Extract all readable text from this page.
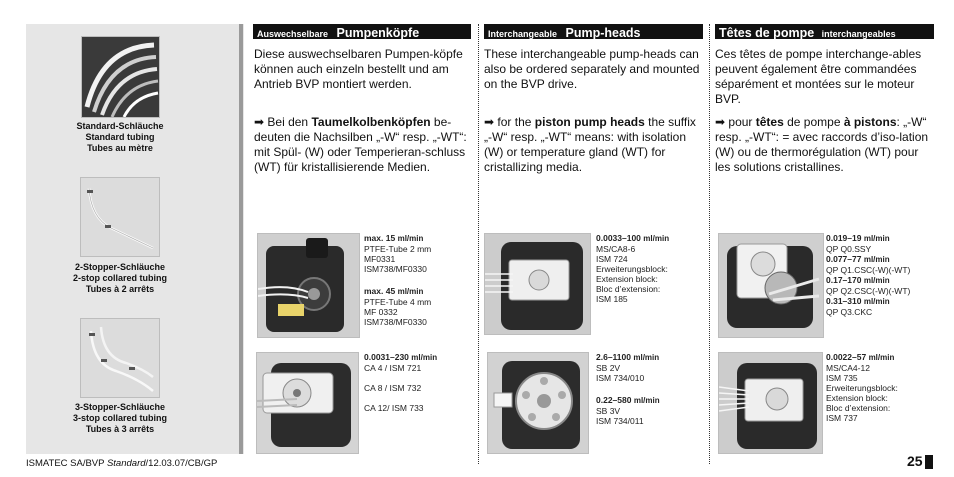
Standard-Schläuche
Standard tubing
Tubes au mètre
2-Stopper-Schläuche
2-stop collared tubing
Tubes à 2 arrêts
3-Stopper-Schläuche
3-stop collared tubing
Tubes à 3 arrêts
Auswechselbare Pumpenköpfe
Diese auswechselbaren Pumpen-köpfe können auch einzeln bestellt und am Antrieb BVP montiert werden.
➡ Bei den Taumelkolbenköpfen be-deuten die Nachsilben „-W“ resp. „-WT“: mit Spül- (W) oder Temperieran-schluss (WT) für kristallisierende Medien.
max. 15 ml/min
PTFE-Tube 2 mm
MF0331
ISM738/MF0330
max. 45 ml/min
PTFE-Tube 4 mm
MF 0332
ISM738/MF0330
0.0031–230 ml/min
CA 4 / ISM 721
CA 8 / ISM 732
CA 12/ ISM 733
Interchangeable Pump-heads
These interchangeable pump-heads can also be ordered separately and mounted on the BVP drive.
➡ for the piston pump heads the suffix „-W“ resp. „-WT“ means: with isolation (W) or temperature gland (WT) for cristallizing media.
0.0033–100 ml/min
MS/CA8-6
ISM 724
Erweiterungsblock:
Extension block:
Bloc d’extension:
ISM 185
2.6–1100 ml/min
SB 2V
ISM 734/010
0.22–580 ml/min
SB 3V
ISM 734/011
Têtes de pompe interchangeables
Ces têtes de pompe interchange-ables peuvent également être commandées séparément et montées sur le moteur BVP.
➡ pour têtes de pompe à pistons: „-W“ resp. „-WT“: = avec raccords d’iso-lation (W) ou de thermorégulation (WT) pour les solutions cristallines.
0.019–19 ml/min
QP Q0.SSY
0.077–77 ml/min
QP Q1.CSC(-W)(-WT)
0.17–170 ml/min
QP Q2.CSC(-W)(-WT)
0.31–310 ml/min
QP Q3.CKC
0.0022–57 ml/min
MS/CA4-12
ISM 735
Erweiterungsblock:
Extension block:
Bloc d’extension:
ISM 737
ISMATEC SA/BVP Standard/12.03.07/CB/GP	25
